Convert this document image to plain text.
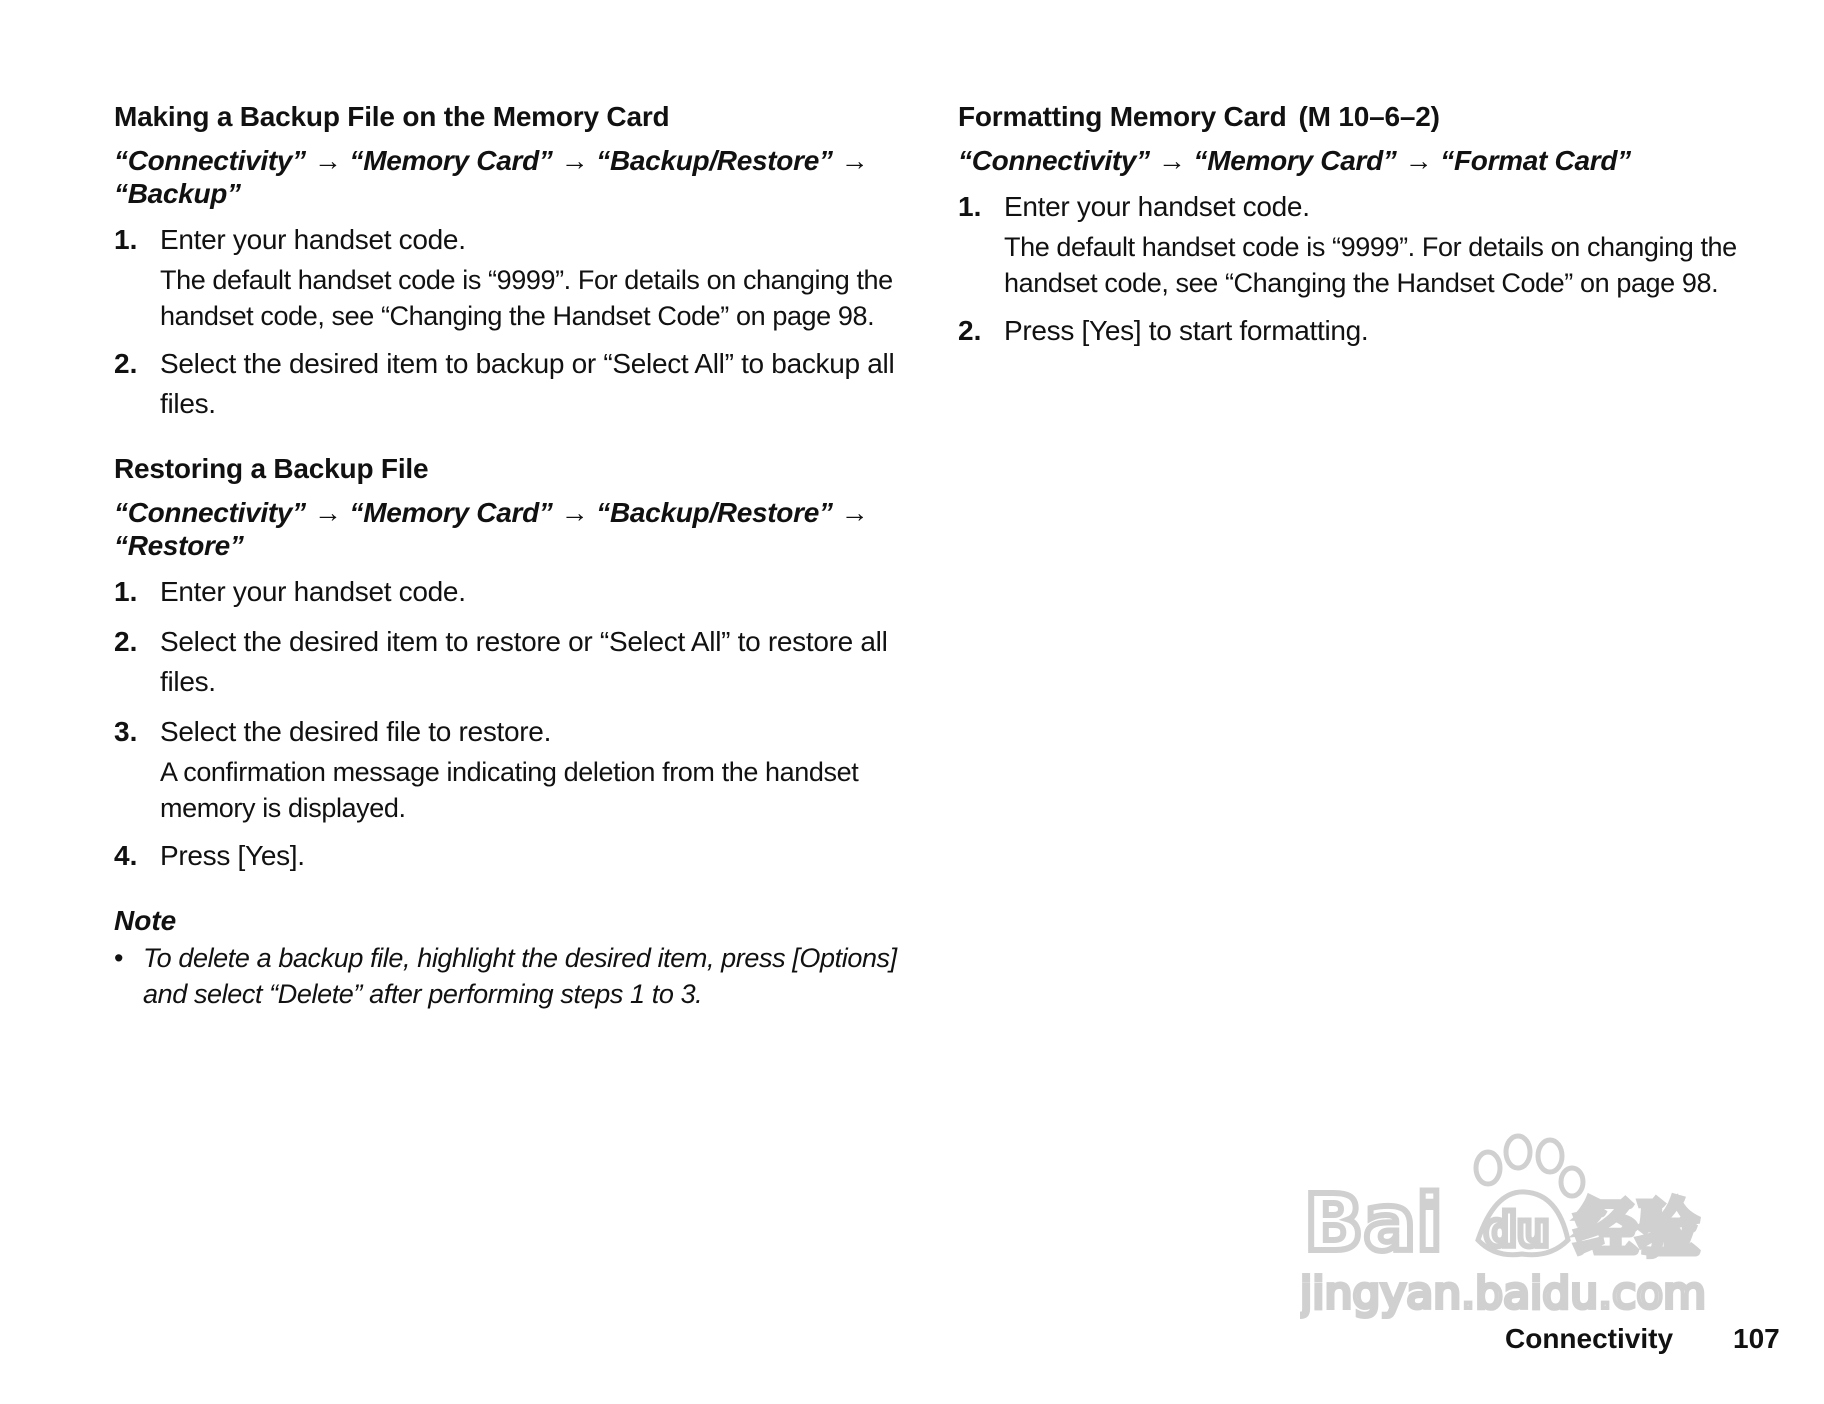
Making a Backup File on the Memory Card
“Connectivity” → “Memory Card” → “Backup/Restore” →
“Backup”
1. Enter your handset code.
The default handset code is “9999”. For details on changing the handset code, see “Changing the Handset Code” on page 98.
2. Select the desired item to backup or “Select All” to backup all files.
Restoring a Backup File
“Connectivity” → “Memory Card” → “Backup/Restore” →
“Restore”
1. Enter your handset code.
2. Select the desired item to restore or “Select All” to restore all files.
3. Select the desired file to restore.
A confirmation message indicating deletion from the handset memory is displayed.
4. Press [Yes].
Note
• To delete a backup file, highlight the desired item, press [Options] and select “Delete” after performing steps 1 to 3.
Formatting Memory Card (M 10–6–2)
“Connectivity” → “Memory Card” → “Format Card”
1. Enter your handset code.
The default handset code is “9999”. For details on changing the handset code, see “Changing the Handset Code” on page 98.
2. Press [Yes] to start formatting.
Bai du 经验
jingyan.baidu.com
Connectivity 107
